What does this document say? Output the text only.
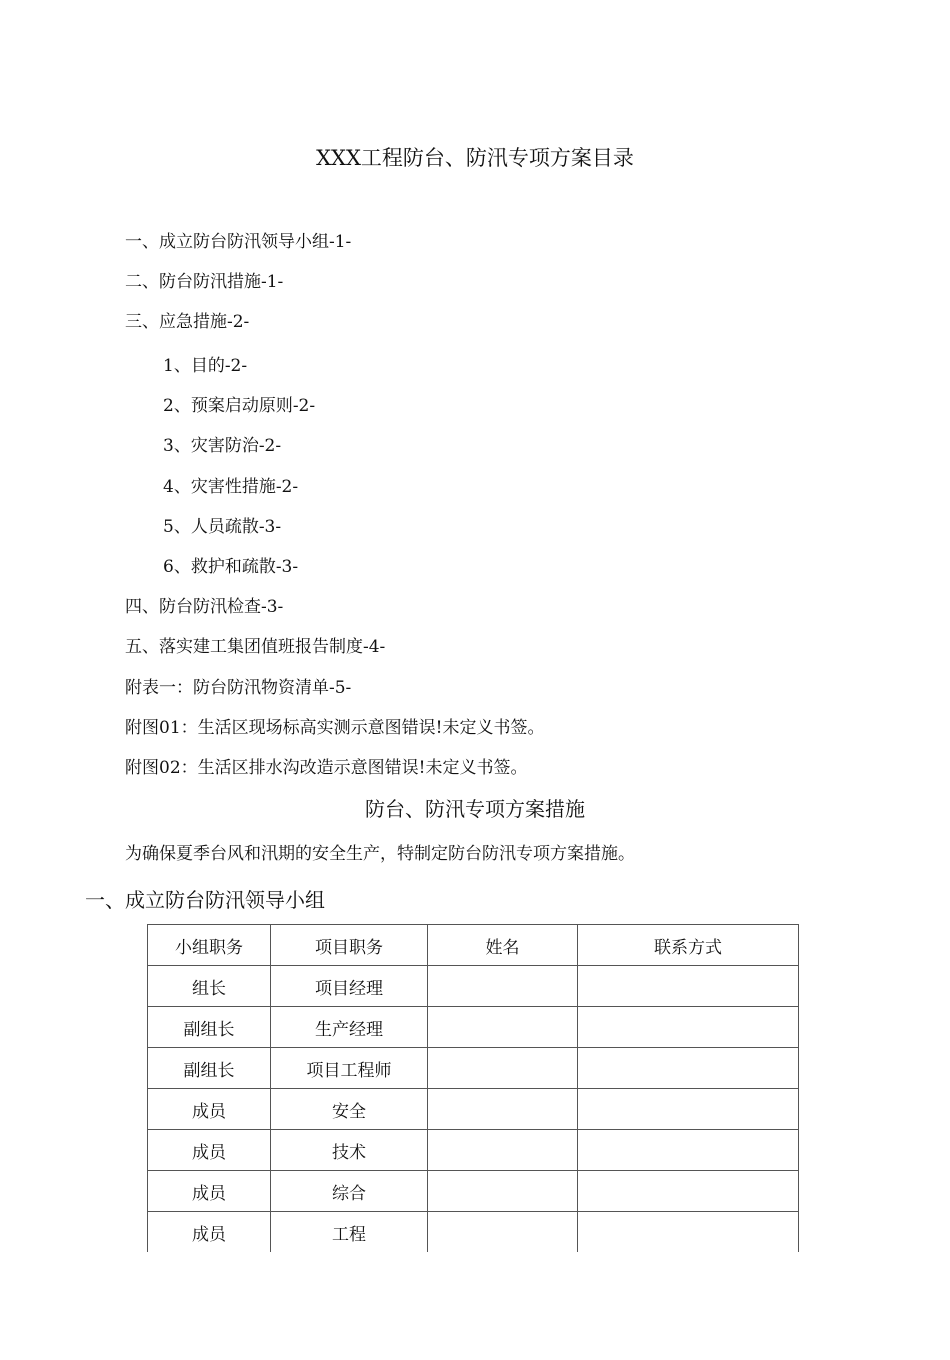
XXX工程防台、防汛专项方案目录
一、成立防台防汛领导小组-1-
二、防台防汛措施-1-
三、应急措施-2-
1、目的-2-
2、预案启动原则-2-
3、灾害防治-2-
4、灾害性措施-2-
5、人员疏散-3-
6、救护和疏散-3-
四、防台防汛检查-3-
五、落实建工集团值班报告制度-4-
附表一：防台防汛物资清单-5-
附图01：生活区现场标高实测示意图错误!未定义书签。
附图02：生活区排水沟改造示意图错误!未定义书签。
防台、防汛专项方案措施
为确保夏季台风和汛期的安全生产，特制定防台防汛专项方案措施。
一、成立防台防汛领导小组
小组职务	项目职务	姓名	联系方式
组长	项目经理		
副组长	生产经理		
副组长	项目工程师		
成员	安全		
成员	技术		
成员	综合		
成员	工程		
